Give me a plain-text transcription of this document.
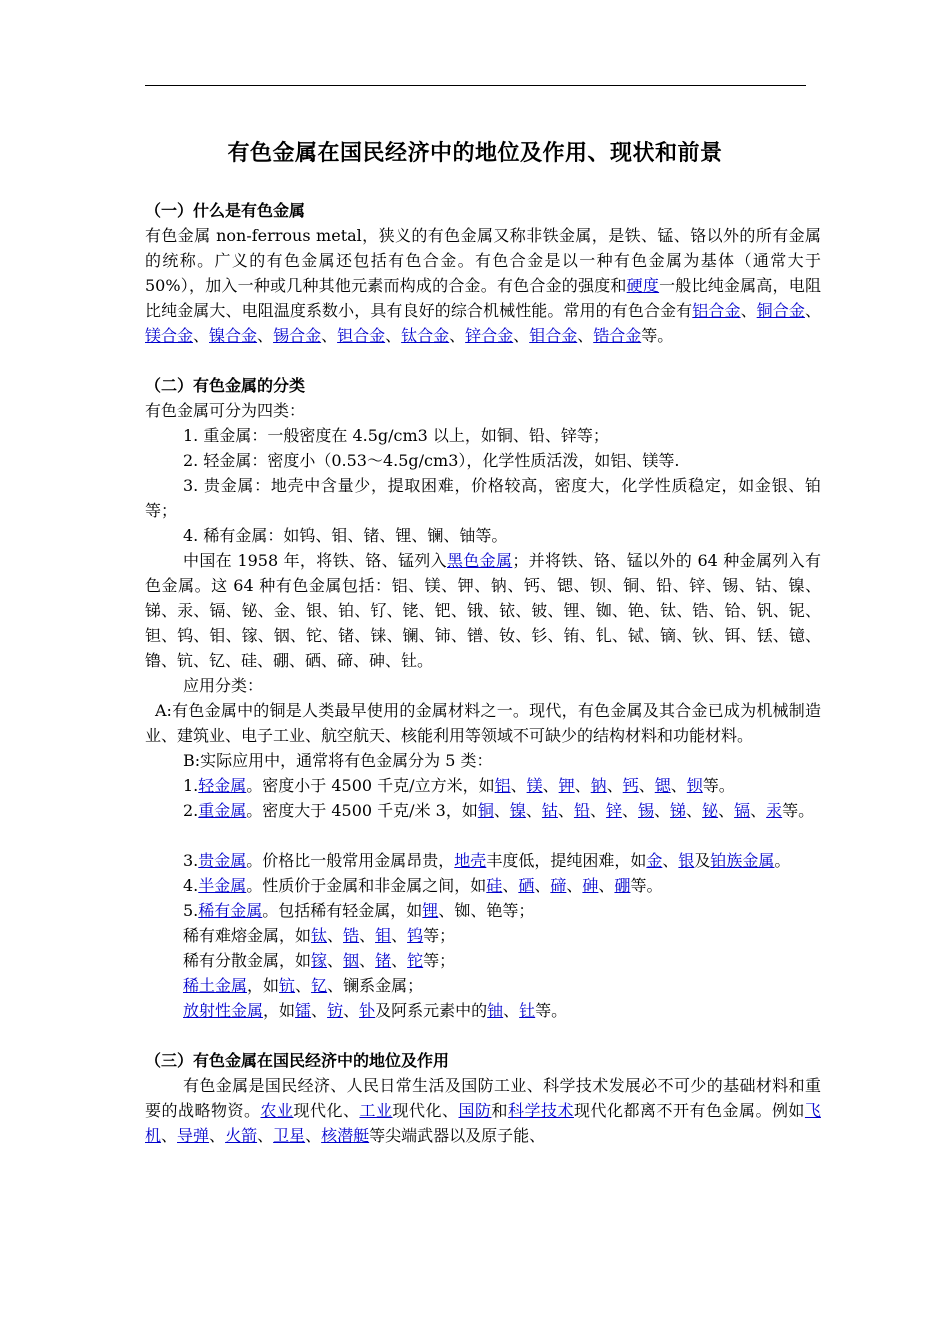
有色金属在国民经济中的地位及作用、现状和前景

（一）什么是有色金属

有色金属 non-ferrous metal，狭义的有色金属又称非铁金属，是铁、锰、铬以外的所有金属的统称。广义的有色金属还包括有色合金。有色合金是以一种有色金属为基体（通常大于 50%），加入一种或几种其他元素而构成的合金。有色合金的强度和硬度一般比纯金属高，电阻比纯金属大、电阻温度系数小，具有良好的综合机械性能。常用的有色合金有铝合金、铜合金、镁合金、镍合金、锡合金、钽合金、钛合金、锌合金、钼合金、锆合金等。

（二）有色金属的分类

有色金属可分为四类：

1. 重金属：一般密度在 4.5g/cm3 以上，如铜、铅、锌等；

2. 轻金属：密度小（0.53～4.5g/cm3），化学性质活泼，如铝、镁等.

3. 贵金属：地壳中含量少，提取困难，价格较高，密度大，化学性质稳定，如金银、铂等；

4. 稀有金属：如钨、钼、锗、锂、镧、铀等。

中国在 1958 年，将铁、铬、锰列入黑色金属；并将铁、铬、锰以外的 64 种金属列入有色金属。这 64 种有色金属包括：铝、镁、钾、钠、钙、锶、钡、铜、铅、锌、锡、钴、镍、锑、汞、镉、铋、金、银、铂、钌、铑、钯、锇、铱、铍、锂、铷、铯、钛、锆、铪、钒、铌、钽、钨、钼、镓、铟、铊、锗、铼、镧、铈、镨、钕、钐、铕、钆、铽、镝、钬、铒、铥、镱、镥、钪、钇、硅、硼、硒、碲、砷、钍。

应用分类：

A:有色金属中的铜是人类最早使用的金属材料之一。现代，有色金属及其合金已成为机械制造业、建筑业、电子工业、航空航天、核能利用等领域不可缺少的结构材料和功能材料。

B:实际应用中，通常将有色金属分为 5 类：

1.轻金属。密度小于 4500 千克/立方米，如铝、镁、钾、钠、钙、锶、钡等。

2.重金属。密度大于 4500 千克/米 3，如铜、镍、钴、铅、锌、锡、锑、铋、镉、汞等。

3.贵金属。价格比一般常用金属昂贵，地壳丰度低，提纯困难，如金、银及铂族金属。

4.半金属。性质价于金属和非金属之间，如硅、硒、碲、砷、硼等。

5.稀有金属。包括稀有轻金属，如锂、铷、铯等；

稀有难熔金属，如钛、锆、钼、钨等；

稀有分散金属，如镓、铟、锗、铊等；

稀土金属，如钪、钇、镧系金属；

放射性金属，如镭、钫、钋及阿系元素中的铀、钍等。

（三）有色金属在国民经济中的地位及作用

有色金属是国民经济、人民日常生活及国防工业、科学技术发展必不可少的基础材料和重要的战略物资。农业现代化、工业现代化、国防和科学技术现代化都离不开有色金属。例如飞机、导弹、火箭、卫星、核潜艇等尖端武器以及原子能、
